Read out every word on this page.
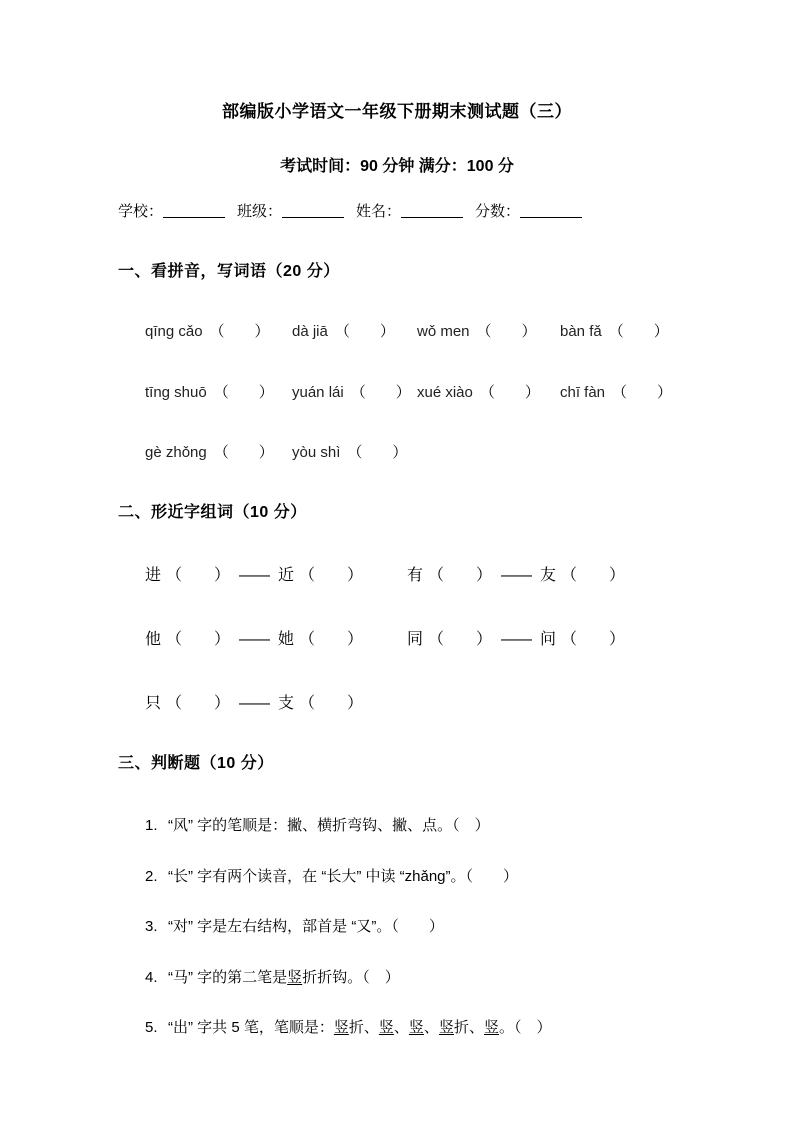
部编版小学语文一年级下册期末测试题（三）
考试时间：90 分钟 满分：100 分
学校：	班级：	姓名：	分数：
一、看拼音，写词语（20 分）
qīng cǎo （　　） dà jiā （　　） wǒ men （　　） bàn fǎ （　　）
tīng shuō （　　） yuán lái （　　） xué xiào （　　） chī fàn （　　）
gè zhǒng （　　） yòu shì （　　）
二、形近字组词（10 分）
进 （　　） —— 近 （　　）	有 （　　） —— 友 （　　）
他 （　　） —— 她 （　　）	同 （　　） —— 问 （　　）
只 （　　） —— 支 （　　）
三、判断题（10 分）
1. “风” 字的笔顺是：撇、横折弯钩、撇、点。（　）
2. “长” 字有两个读音，在 “长大” 中读 “zhǎng”。（　　）
3. “对” 字是左右结构，部首是 “又”。（　　）
4. “马” 字的第二笔是竖折折钩。（　）
5. “出” 字共 5 笔，笔顺是：竖折、竖、竖、竖折、竖。（　）
